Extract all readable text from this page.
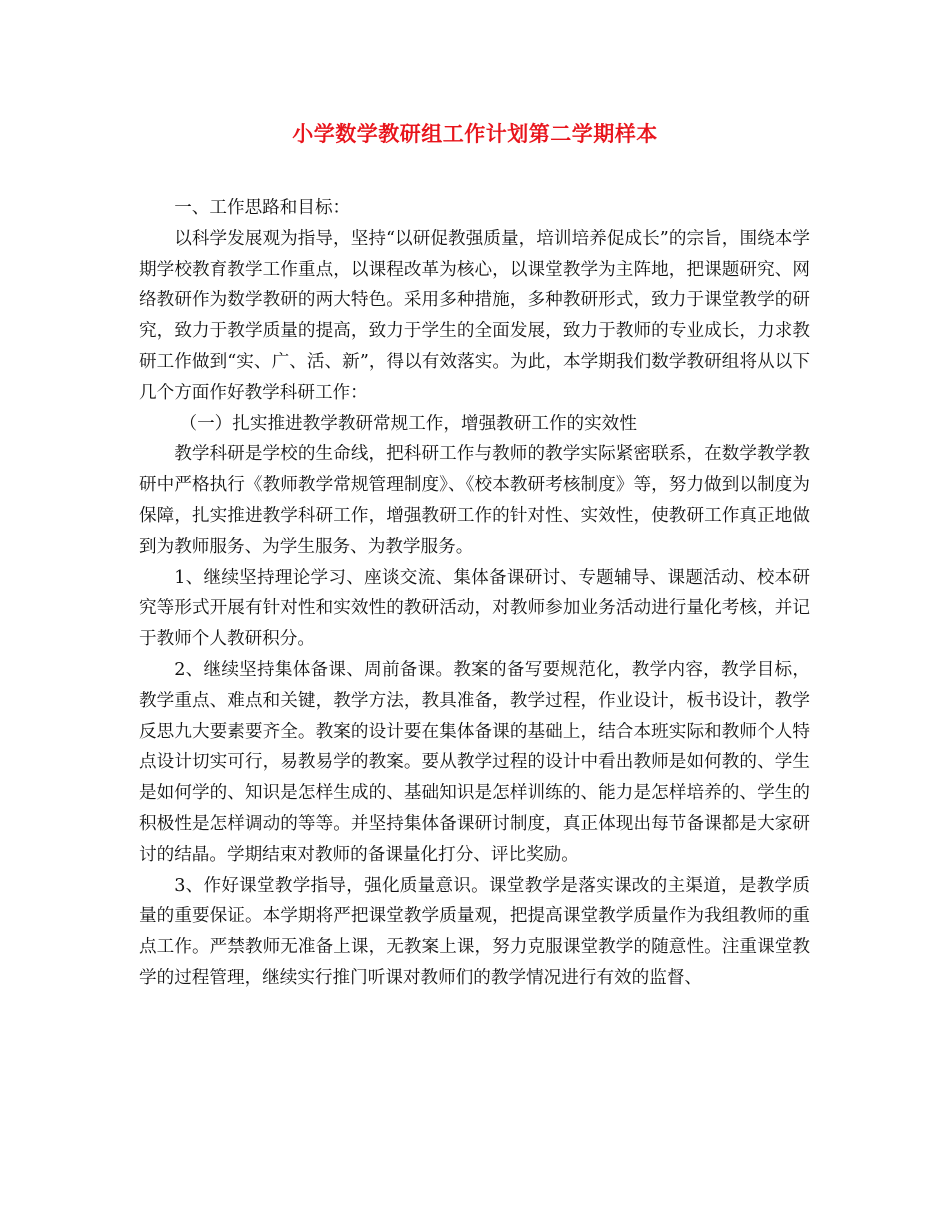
小学数学教研组工作计划第二学期样本

一、工作思路和目标：

以科学发展观为指导，坚持“以研促教强质量，培训培养促成长”的宗旨，围绕本学期学校教育教学工作重点，以课程改革为核心，以课堂教学为主阵地，把课题研究、网络教研作为数学教研的两大特色。采用多种措施，多种教研形式，致力于课堂教学的研究，致力于教学质量的提高，致力于学生的全面发展，致力于教师的专业成长，力求教研工作做到“实、广、活、新”，得以有效落实。为此，本学期我们数学教研组将从以下几个方面作好教学科研工作：

（一）扎实推进教学教研常规工作，增强教研工作的实效性

教学科研是学校的生命线，把科研工作与教师的教学实际紧密联系，在数学教学教研中严格执行《教师教学常规管理制度》、《校本教研考核制度》等，努力做到以制度为保障，扎实推进教学科研工作，增强教研工作的针对性、实效性，使教研工作真正地做到为教师服务、为学生服务、为教学服务。

1、继续坚持理论学习、座谈交流、集体备课研讨、专题辅导、课题活动、校本研究等形式开展有针对性和实效性的教研活动，对教师参加业务活动进行量化考核，并记于教师个人教研积分。

2、继续坚持集体备课、周前备课。教案的备写要规范化，教学内容，教学目标，教学重点、难点和关键，教学方法，教具准备，教学过程，作业设计，板书设计，教学反思九大要素要齐全。教案的设计要在集体备课的基础上，结合本班实际和教师个人特点设计切实可行，易教易学的教案。要从教学过程的设计中看出教师是如何教的、学生是如何学的、知识是怎样生成的、基础知识是怎样训练的、能力是怎样培养的、学生的积极性是怎样调动的等等。并坚持集体备课研讨制度，真正体现出每节备课都是大家研讨的结晶。学期结束对教师的备课量化打分、评比奖励。

3、作好课堂教学指导，强化质量意识。课堂教学是落实课改的主渠道，是教学质量的重要保证。本学期将严把课堂教学质量观，把提高课堂教学质量作为我组教师的重点工作。严禁教师无准备上课，无教案上课，努力克服课堂教学的随意性。注重课堂教学的过程管理，继续实行推门听课对教师们的教学情况进行有效的监督、
